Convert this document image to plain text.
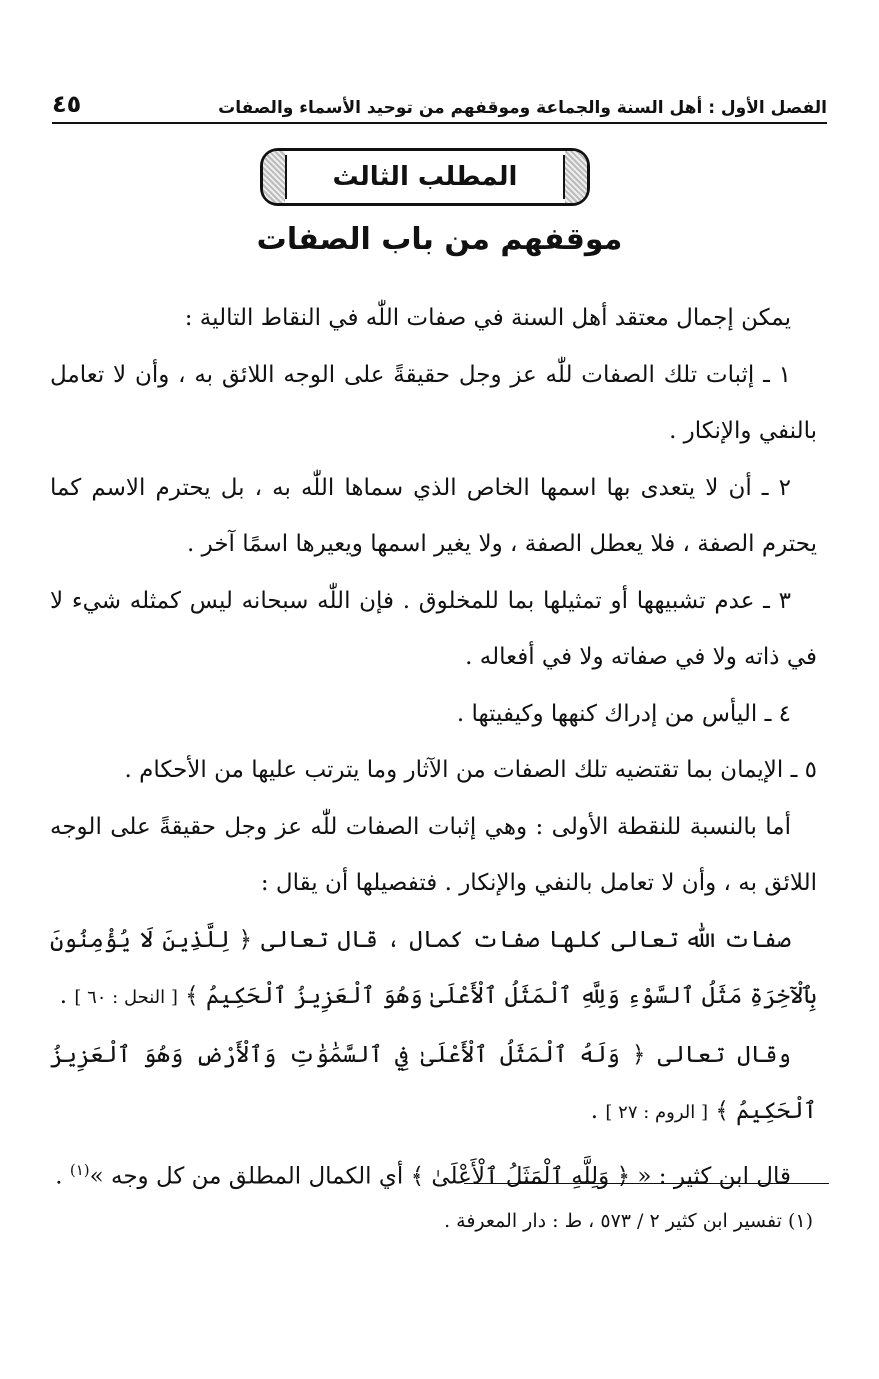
الفصل الأول : أهل السنة والجماعة وموقفهم من توحيد الأسماء والصفات
٤٥
المطلب الثالث
موقفهم من باب الصفات

يمكن إجمال معتقد أهل السنة في صفات اللّٰه في النقاط التالية :

١ ـ إثبات تلك الصفات للّٰه عز وجل حقيقةً على الوجه اللائق به ، وأن لا تعامل بالنفي والإنكار .

٢ ـ أن لا يتعدى بها اسمها الخاص الذي سماها اللّٰه به ، بل يحترم الاسم كما يحترم الصفة ، فلا يعطل الصفة ، ولا يغير اسمها ويعيرها اسمًا آخر .

٣ ـ عدم تشبيهها أو تمثيلها بما للمخلوق . فإن اللّٰه سبحانه ليس كمثله شيء لا في ذاته ولا في صفاته ولا في أفعاله .

٤ ـ اليأس من إدراك كنهها وكيفيتها .

٥ ـ الإيمان بما تقتضيه تلك الصفات من الآثار وما يترتب عليها من الأحكام .

أما بالنسبة للنقطة الأولى : وهي إثبات الصفات للّٰه عز وجل حقيقةً على الوجه اللائق به ، وأن لا تعامل بالنفي والإنكار . فتفصيلها أن يقال :

صفات اللّٰه تعالى كلها صفات كمال ، قال تعالى ﴿ لِلَّذِينَ لَا يُؤْمِنُونَ بِٱلْآخِرَةِ مَثَلُ ٱلسَّوْءِ وَلِلَّهِ ٱلْمَثَلُ ٱلْأَعْلَىٰ وَهُوَ ٱلْعَزِيزُ ٱلْحَكِيمُ ﴾ [ النحل : ٦٠ ] .

وقال تعالى ﴿ وَلَهُ ٱلْمَثَلُ ٱلْأَعْلَىٰ فِي ٱلسَّمَٰوَٰتِ وَٱلْأَرْضِ وَهُوَ ٱلْعَزِيزُ ٱلْحَكِيمُ ﴾ [ الروم : ٢٧ ] .

قال ابن كثير : « ﴿ وَلِلَّهِ ٱلْمَثَلُ ٱلْأَعْلَىٰ ﴾ أي الكمال المطلق من كل وجه »$^{(١)}$ .

(١) تفسير ابن كثير ٢ / ٥٧٣ ، ط : دار المعرفة .
